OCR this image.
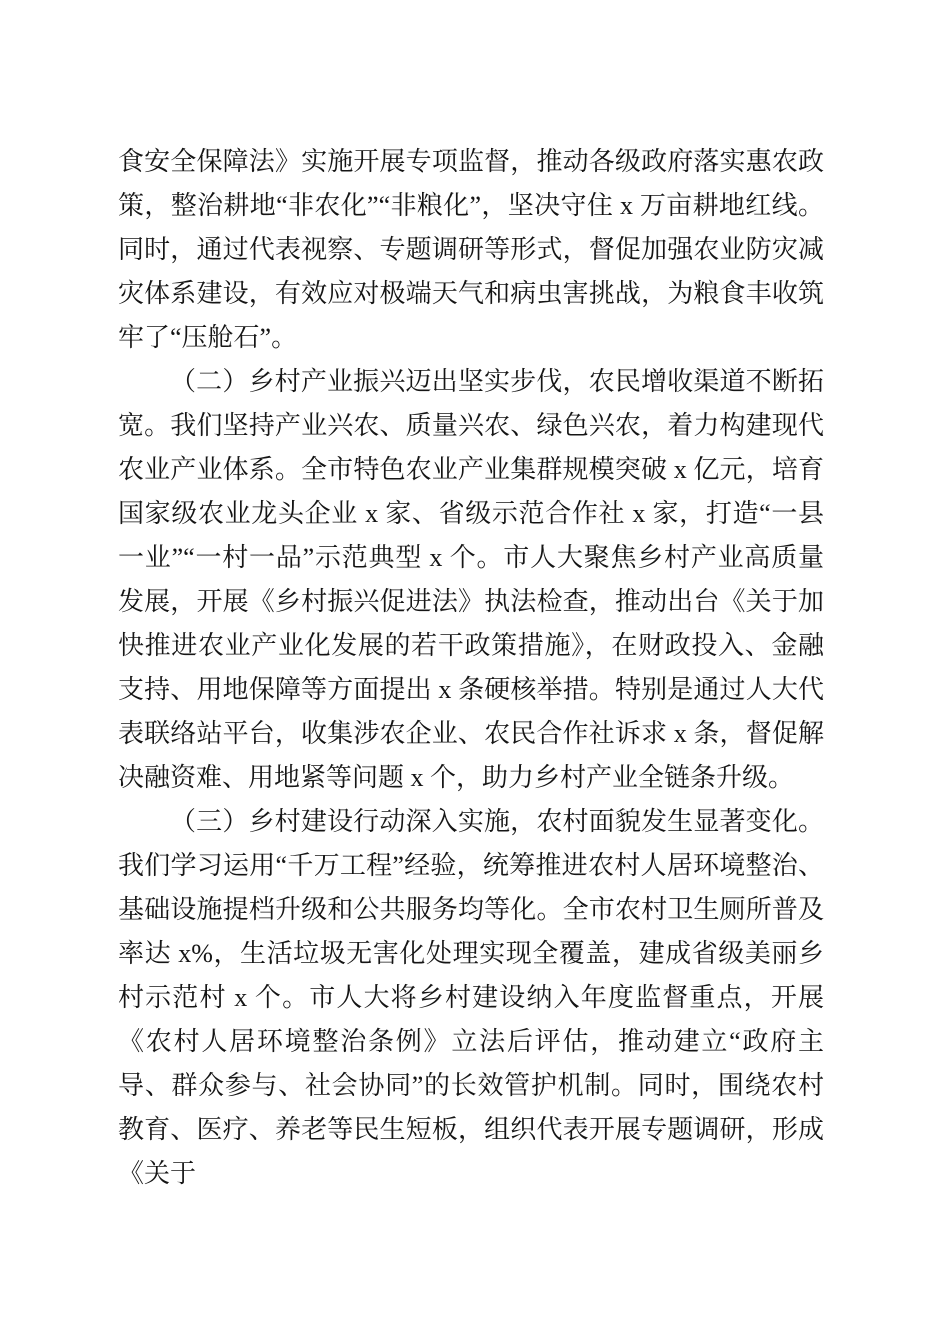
食安全保障法》实施开展专项监督，推动各级政府落实惠农政策，整治耕地“非农化”“非粮化”，坚决守住 x 万亩耕地红线。同时，通过代表视察、专题调研等形式，督促加强农业防灾减灾体系建设，有效应对极端天气和病虫害挑战，为粮食丰收筑牢了“压舱石”。

（二）乡村产业振兴迈出坚实步伐，农民增收渠道不断拓宽。我们坚持产业兴农、质量兴农、绿色兴农，着力构建现代农业产业体系。全市特色农业产业集群规模突破 x 亿元，培育国家级农业龙头企业 x 家、省级示范合作社 x 家，打造“一县一业”“一村一品”示范典型 x 个。市人大聚焦乡村产业高质量发展，开展《乡村振兴促进法》执法检查，推动出台《关于加快推进农业产业化发展的若干政策措施》，在财政投入、金融支持、用地保障等方面提出 x 条硬核举措。特别是通过人大代表联络站平台，收集涉农企业、农民合作社诉求 x 条，督促解决融资难、用地紧等问题 x 个，助力乡村产业全链条升级。

（三）乡村建设行动深入实施，农村面貌发生显著变化。我们学习运用“千万工程”经验，统筹推进农村人居环境整治、基础设施提档升级和公共服务均等化。全市农村卫生厕所普及率达 x%，生活垃圾无害化处理实现全覆盖，建成省级美丽乡村示范村 x 个。市人大将乡村建设纳入年度监督重点，开展《农村人居环境整治条例》立法后评估，推动建立“政府主导、群众参与、社会协同”的长效管护机制。同时，围绕农村教育、医疗、养老等民生短板，组织代表开展专题调研，形成《关于
